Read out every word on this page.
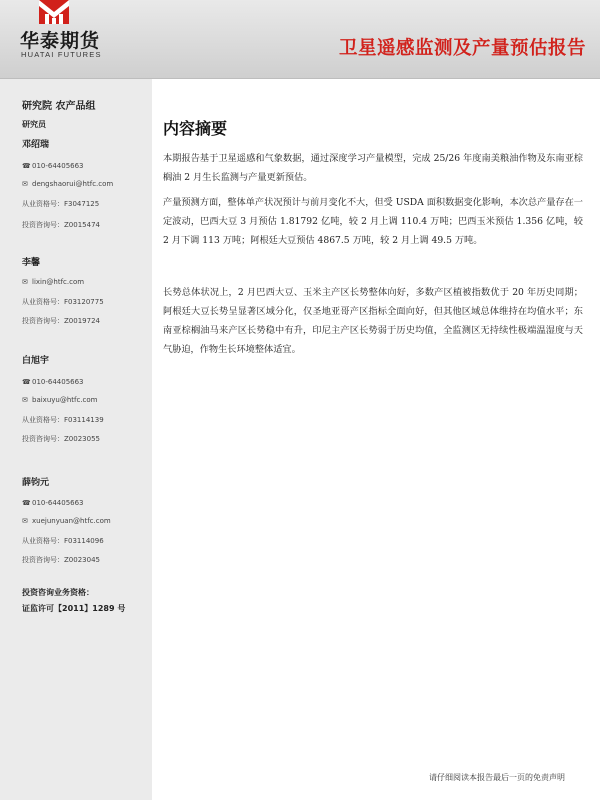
华泰期货
HUATAI FUTURES	卫星遥感监测及产量预估报告
研究院 农产品组
研究员
邓绍瑞
☎010-64405663
✉ dengshaorui@htfc.com
从业资格号：F3047125
投资咨询号：Z0015474
李馨
✉ lixin@htfc.com
从业资格号：F03120775
投资咨询号：Z0019724
白旭宇
☎010-64405663
✉ baixuyu@htfc.com
从业资格号：F03114139
投资咨询号：Z0023055
薛钧元
☎010-64405663
✉ xuejunyuan@htfc.com
从业资格号：F03114096
投资咨询号：Z0023045
投资咨询业务资格：
证监许可【2011】1289 号
内容摘要
本期报告基于卫星遥感和气象数据，通过深度学习产量模型，完成 25/26 年度南美粮油作物及东南亚棕榈油 2 月生长监测与产量更新预估。
产量预测方面，整体单产状况预计与前月变化不大，但受 USDA 面积数据变化影响，本次总产量存在一定波动，巴西大豆 3 月预估 1.81792 亿吨，较 2 月上调 110.4 万吨；巴西玉米预估 1.356 亿吨，较 2 月下调 113 万吨；阿根廷大豆预估 4867.5 万吨，较 2 月上调 49.5 万吨。
长势总体状况上，2 月巴西大豆、玉米主产区长势整体向好，多数产区植被指数优于 20 年历史同期；阿根廷大豆长势呈显著区域分化，仅圣地亚哥产区指标全面向好，但其他区域总体维持在均值水平；东南亚棕榈油马来产区长势稳中有升，印尼主产区长势弱于历史均值，全监测区无持续性极端温湿度与天气胁迫，作物生长环境整体适宜。
请仔细阅读本报告最后一页的免责声明
